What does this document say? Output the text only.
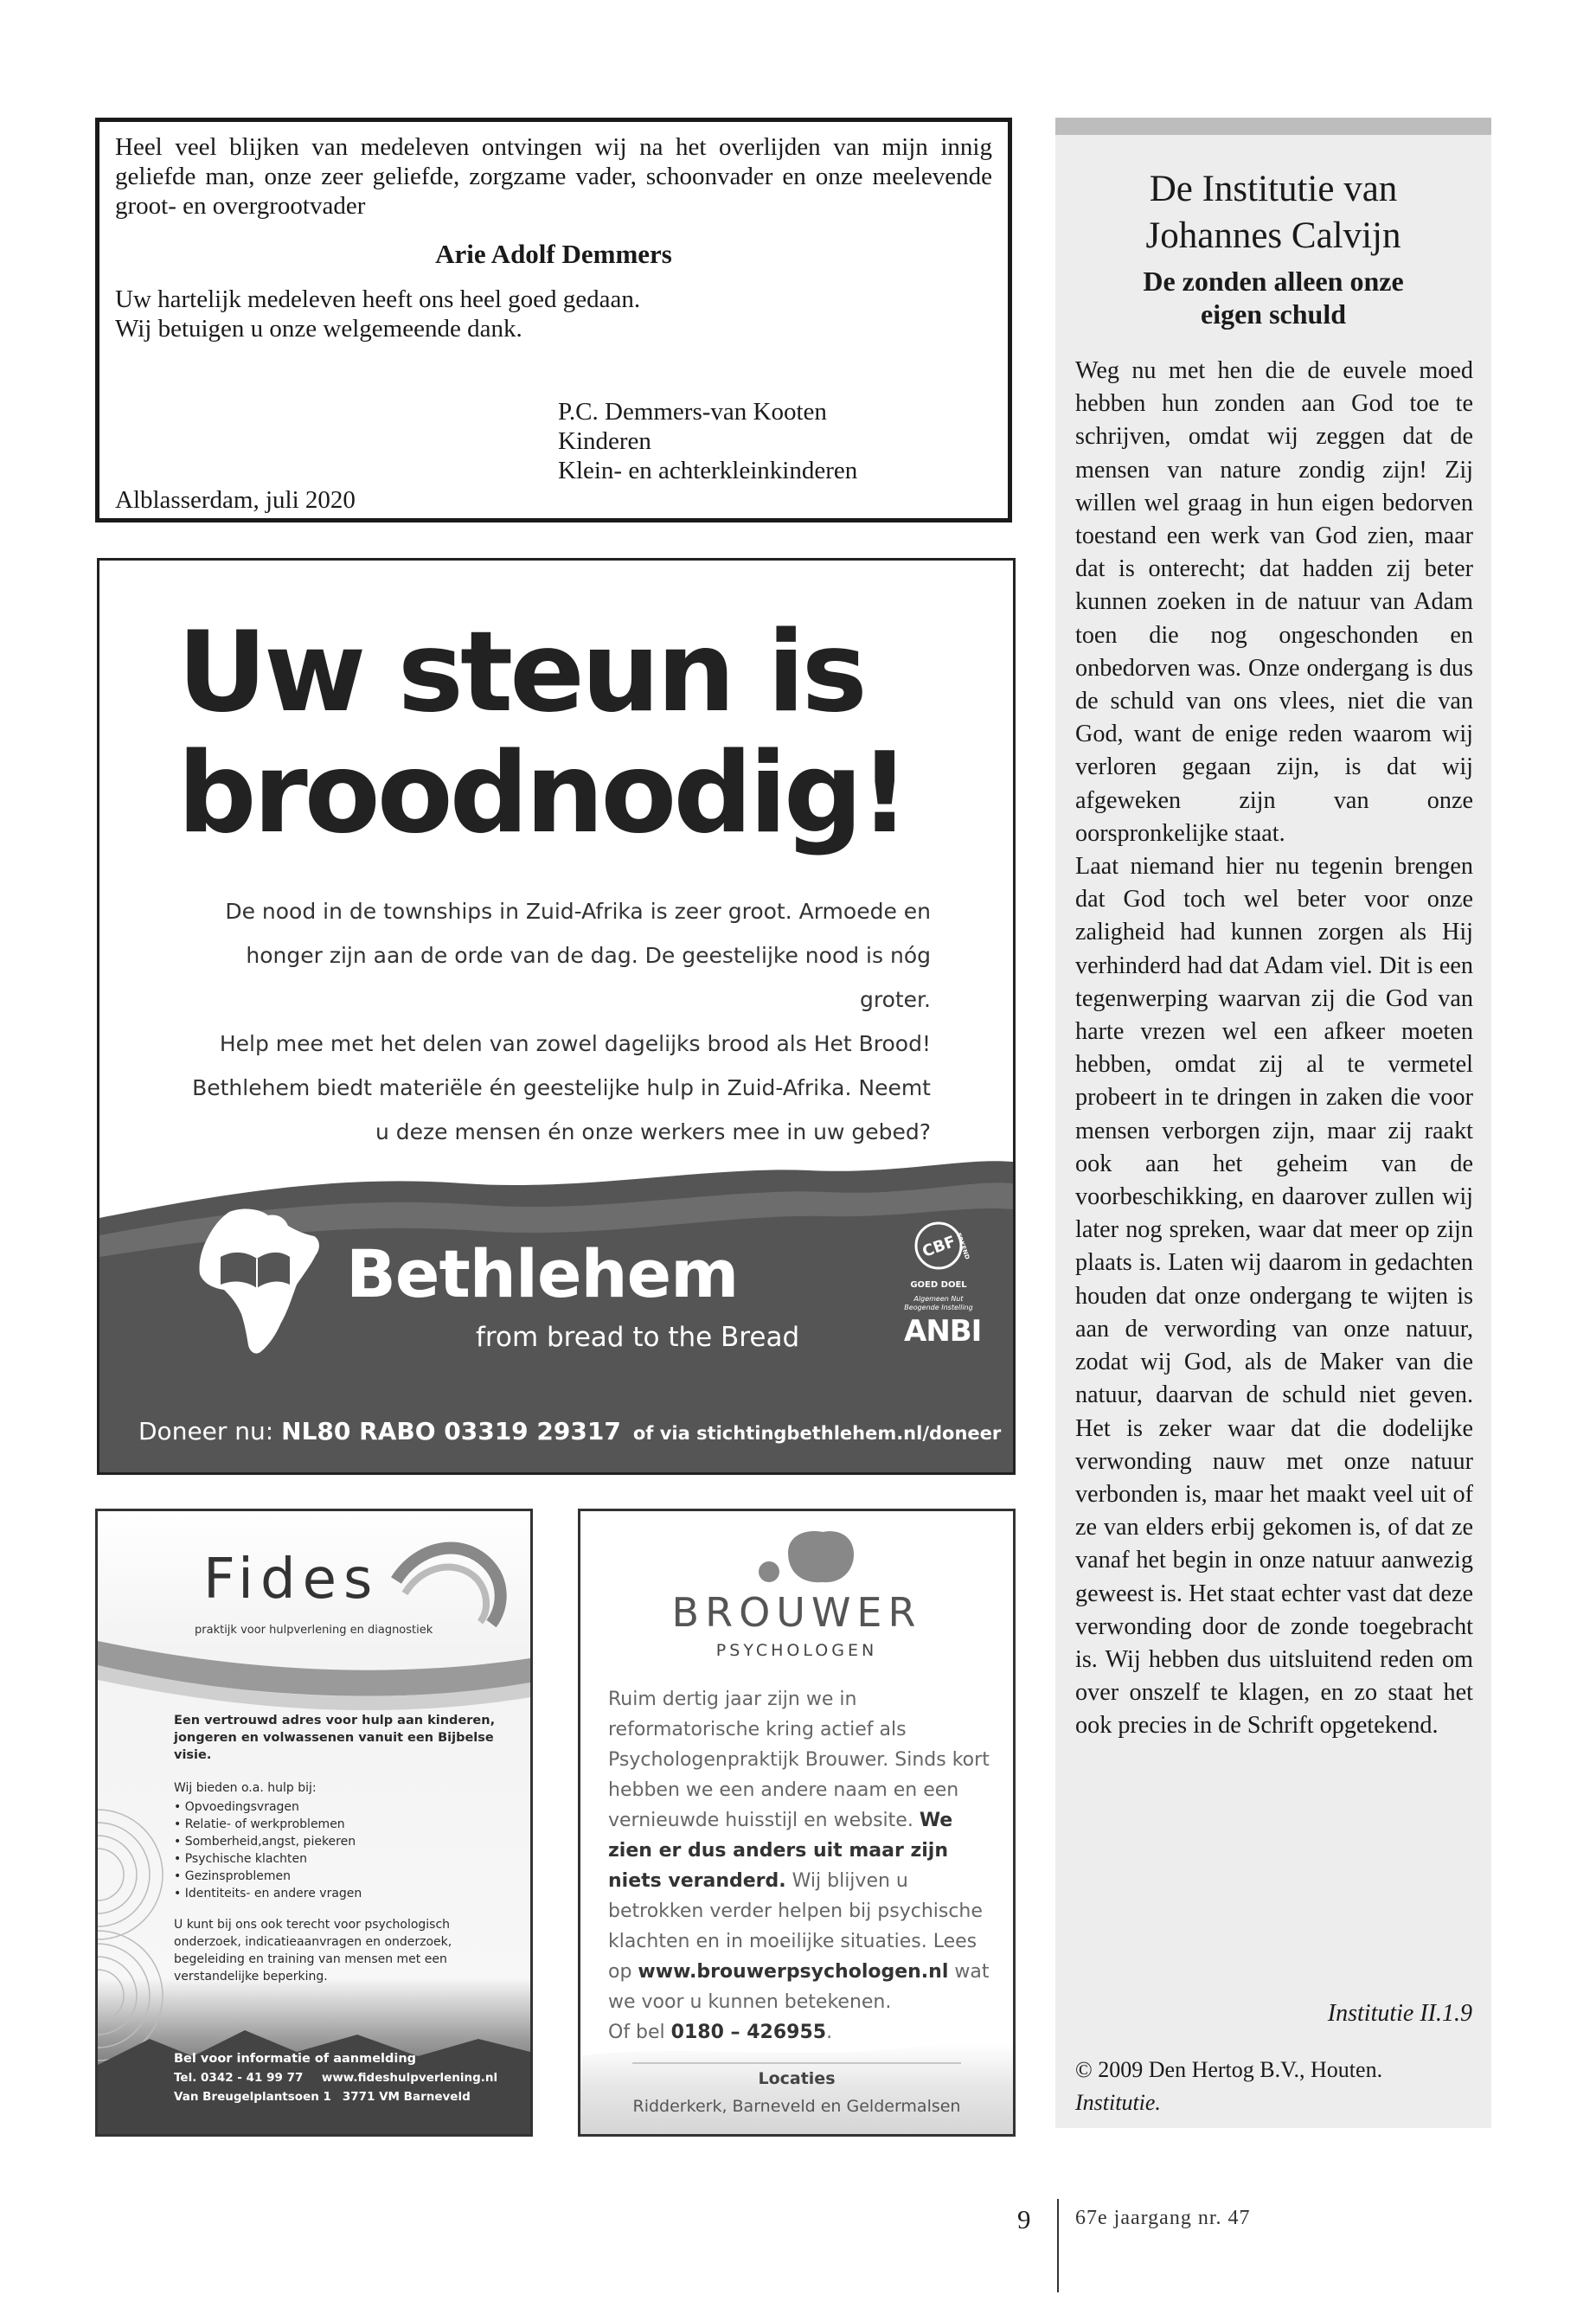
Heel veel blijken van medeleven ontvingen wij na het overlijden van mijn innig geliefde man, onze zeer geliefde, zorgzame vader, schoonvader en onze meelevende groot- en overgrootvader

Arie Adolf Demmers

Uw hartelijk medeleven heeft ons heel goed gedaan.
Wij betuigen u onze welgemeende dank.

P.C. Demmers-van Kooten
Kinderen
Klein- en achterkleinkinderen
Alblasserdam, juli 2020
Uw steun is
broodnodig!
De nood in de townships in Zuid-Afrika is zeer groot. Armoede en
honger zijn aan de orde van de dag. De geestelijke nood is nóg groter.
Help mee met het delen van zowel dagelijks brood als Het Brood!
Bethlehem biedt materiële én geestelijke hulp in Zuid-Afrika. Neemt
u deze mensen én onze werkers mee in uw gebed?
Bethlehem
from bread to the Bread
CBF
ERKEND
GOED DOEL
Algemeen Nut
Beogende Instelling
ANBI
Doneer nu: NL80 RABO 03319 29317 of via stichtingbethlehem.nl/doneer
Fides
praktijk voor hulpverlening en diagnostiek
Een vertrouwd adres voor hulp aan kinderen, jongeren en volwassenen vanuit een Bijbelse visie.
Wij bieden o.a. hulp bij:
• Opvoedingsvragen
• Relatie- of werkproblemen
• Somberheid,angst, piekeren
• Psychische klachten
• Gezinsproblemen
• Identiteits- en andere vragen
U kunt bij ons ook terecht voor psychologisch onderzoek, indicatieaanvragen en onderzoek, begeleiding en training van mensen met een verstandelijke beperking.
Bel voor informatie of aanmelding
Tel. 0342 - 41 99 77 www.fideshulpverlening.nl
Van Breugelplantsoen 1 3771 VM Barneveld
BROUWER
PSYCHOLOGEN
Ruim dertig jaar zijn we in reformatorische kring actief als Psychologenpraktijk Brouwer. Sinds kort hebben we een andere naam en een vernieuwde huisstijl en website. We zien er dus anders uit maar zijn niets veranderd. Wij blijven u betrokken verder helpen bij psychische klachten en in moeilijke situaties. Lees op www.brouwerpsychologen.nl wat we voor u kunnen betekenen.
Of bel 0180 – 426955.
Locaties
Ridderkerk, Barneveld en Geldermalsen
De Institutie van
Johannes Calvijn
De zonden alleen onze
eigen schuld

Weg nu met hen die de euvele moed hebben hun zonden aan God toe te schrijven, omdat wij zeggen dat de mensen van nature zondig zijn! Zij willen wel graag in hun eigen bedorven toestand een werk van God zien, maar dat is onterecht; dat hadden zij beter kunnen zoeken in de natuur van Adam toen die nog ongeschonden en onbedorven was. Onze ondergang is dus de schuld van ons vlees, niet die van God, want de enige reden waarom wij verloren gegaan zijn, is dat wij afgeweken zijn van onze oorspronkelijke staat.

Laat niemand hier nu tegenin brengen dat God toch wel beter voor onze zaligheid had kunnen zorgen als Hij verhinderd had dat Adam viel. Dit is een tegenwerping waarvan zij die God van harte vrezen wel een afkeer moeten hebben, omdat zij al te vermetel probeert in te dringen in zaken die voor mensen verborgen zijn, maar zij raakt ook aan het geheim van de voorbeschikking, en daarover zullen wij later nog spreken, waar dat meer op zijn plaats is. Laten wij daarom in gedachten houden dat onze ondergang te wijten is aan de verwording van onze natuur, zodat wij God, als de Maker van die natuur, daarvan de schuld niet geven. Het is zeker waar dat die dodelijke verwonding nauw met onze natuur verbonden is, maar het maakt veel uit of ze van elders erbij gekomen is, of dat ze vanaf het begin in onze natuur aanwezig geweest is. Het staat echter vast dat deze verwonding door de zonde toegebracht is. Wij hebben dus uitsluitend reden om over onszelf te klagen, en zo staat het ook precies in de Schrift opgetekend.

Institutie II.1.9
© 2009 Den Hertog B.V., Houten.
Institutie.
9 67e jaargang nr. 47
